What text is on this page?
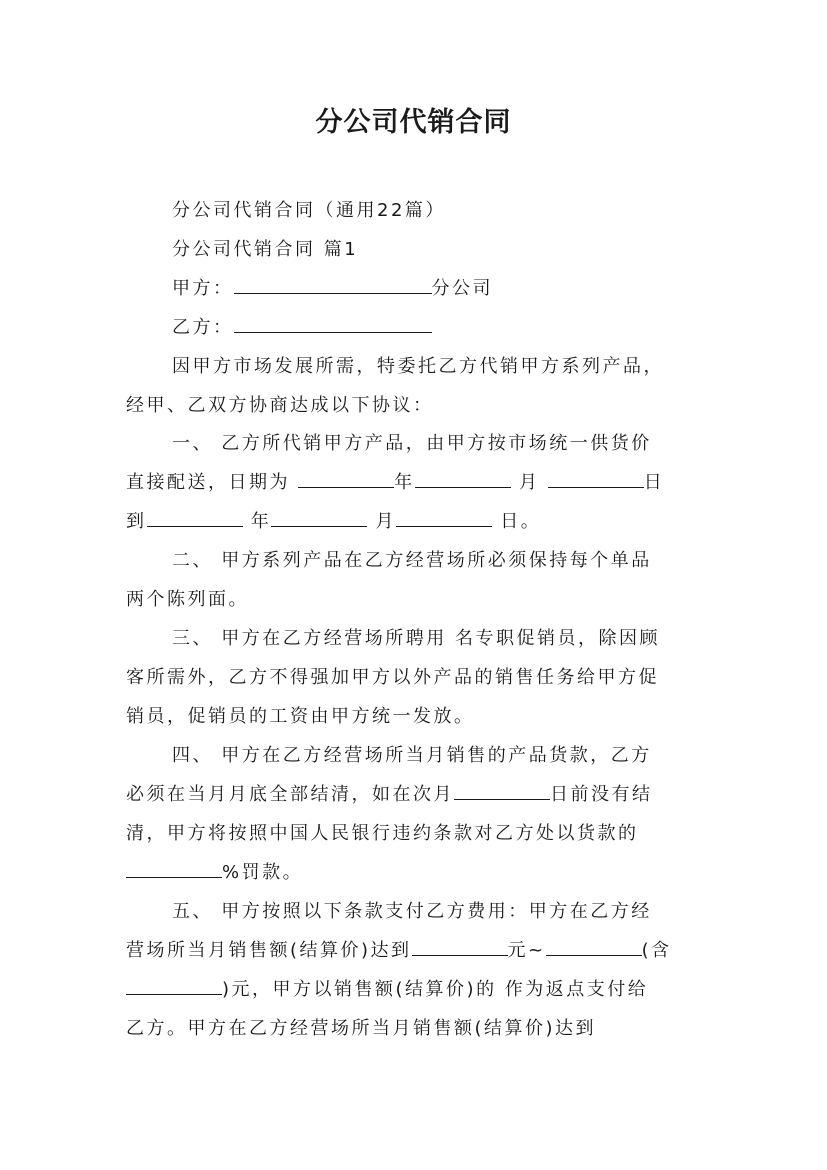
分公司代销合同
分公司代销合同（通用22篇）
分公司代销合同 篇1
甲方：	分公司
乙方：
因甲方市场发展所需，特委托乙方代销甲方系列产品，
经甲、乙双方协商达成以下协议：
一、 乙方所代销甲方产品，由甲方按市场统一供货价
直接配送，日期为	年	月	日
到	年	月	日。
二、 甲方系列产品在乙方经营场所必须保持每个单品
两个陈列面。
三、 甲方在乙方经营场所聘用 名专职促销员，除因顾
客所需外，乙方不得强加甲方以外产品的销售任务给甲方促
销员，促销员的工资由甲方统一发放。
四、 甲方在乙方经营场所当月销售的产品货款，乙方
必须在当月月底全部结清，如在次月	日前没有结
清，甲方将按照中国人民银行违约条款对乙方处以货款的
%罚款。
五、 甲方按照以下条款支付乙方费用：甲方在乙方经
营场所当月销售额(结算价)达到	元~	(含
)元，甲方以销售额(结算价)的 作为返点支付给
乙方。甲方在乙方经营场所当月销售额(结算价)达到
